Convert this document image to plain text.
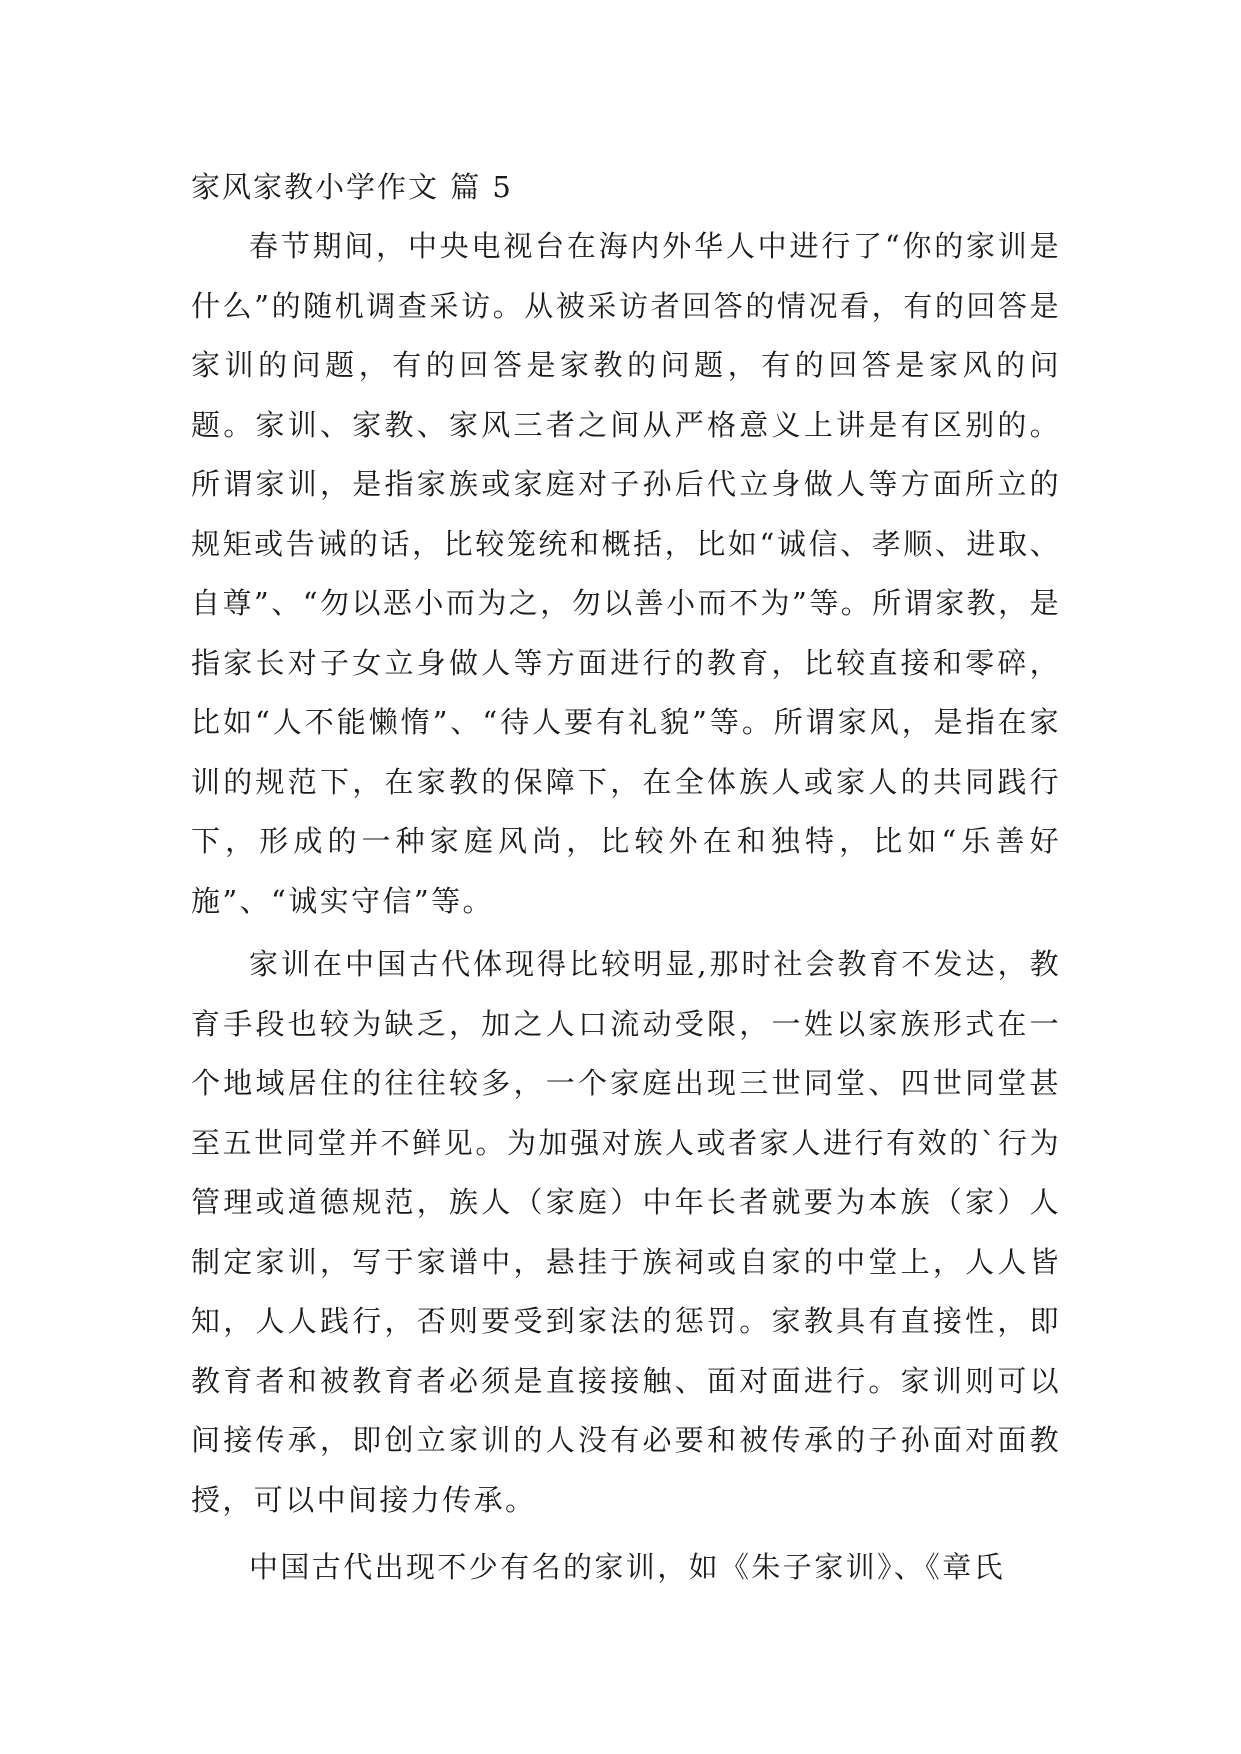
家风家教小学作文 篇 5

春节期间，中央电视台在海内外华人中进行了“你的家训是什么”的随机调查采访。从被采访者回答的情况看，有的回答是家训的问题，有的回答是家教的问题，有的回答是家风的问题。家训、家教、家风三者之间从严格意义上讲是有区别的。 所谓家训，是指家族或家庭对子孙后代立身做人等方面所立的规矩或告诫的话，比较笼统和概括，比如“诚信、孝顺、进取、自尊”、“勿以恶小而为之，勿以善小而不为”等。所谓家教，是指家长对子女立身做人等方面进行的教育，比较直接和零碎，比如“人不能懒惰”、“待人要有礼貌”等。所谓家风，是指在家训的规范下，在家教的保障下，在全体族人或家人的共同践行下，形成的一种家庭风尚，比较外在和独特，比如“乐善好施”、“诚实守信”等。

家训在中国古代体现得比较明显,那时社会教育不发达，教育手段也较为缺乏，加之人口流动受限，一姓以家族形式在一个地域居住的往往较多，一个家庭出现三世同堂、四世同堂甚至五世同堂并不鲜见。为加强对族人或者家人进行有效的`行为管理或道德规范，族人（家庭）中年长者就要为本族（家）人制定家训，写于家谱中，悬挂于族祠或自家的中堂上，人人皆知，人人践行，否则要受到家法的惩罚。家教具有直接性，即教育者和被教育者必须是直接接触、面对面进行。家训则可以间接传承，即创立家训的人没有必要和被传承的子孙面对面教授，可以中间接力传承。

中国古代出现不少有名的家训，如《朱子家训》、《章氏
